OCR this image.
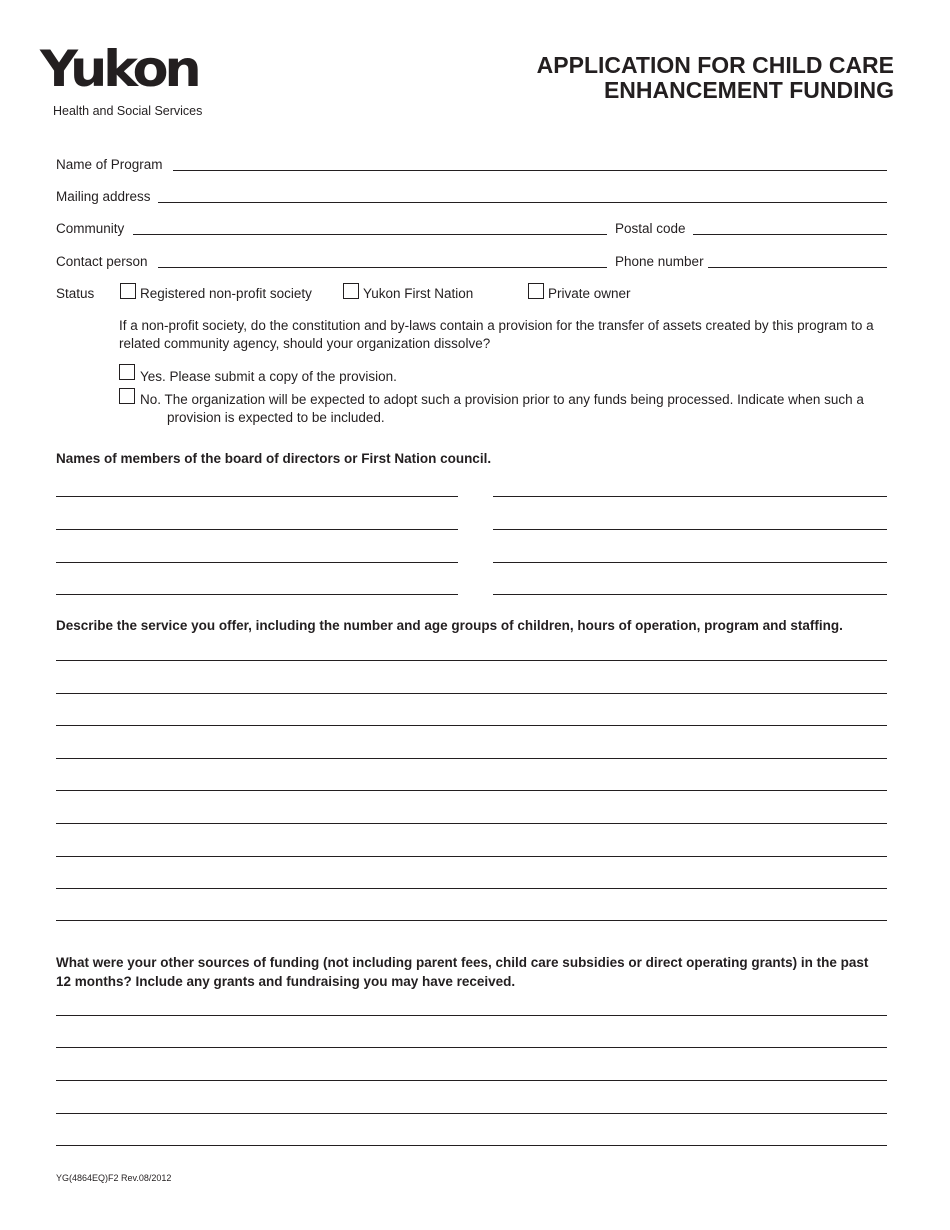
Yukon
Health and Social Services
APPLICATION FOR CHILD CARE
ENHANCEMENT FUNDING
Name of Program
Mailing address
Community	Postal code
Contact person	Phone number
Status	Registered non-profit society	Yukon First Nation	Private owner
If a non-profit society, do the constitution and by-laws contain a provision for the transfer of assets created by this program to a related community agency, should your organization dissolve?
Yes. Please submit a copy of the provision.
No. The organization will be expected to adopt such a provision prior to any funds being processed. Indicate when such a provision is expected to be included.
Names of members of the board of directors or First Nation council.
Describe the service you offer, including the number and age groups of children, hours of operation, program and staffing.
What were your other sources of funding (not including parent fees, child care subsidies or direct operating grants) in the past 12 months? Include any grants and fundraising you may have received.
YG(4864EQ)F2 Rev.08/2012
